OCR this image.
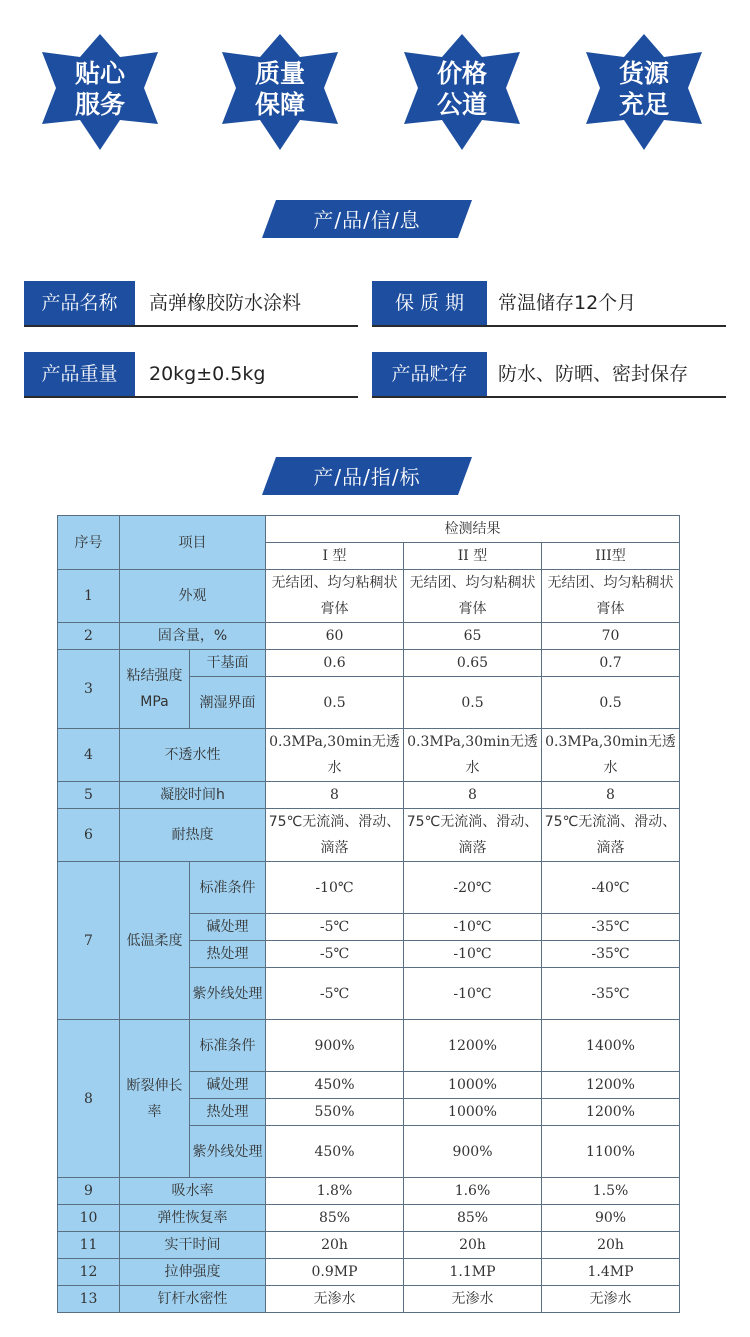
贴心
服务
质量
保障
价格
公道
货源
充足
产/品/信/息
产品名称	高弹橡胶防水涂料	保 质 期	常温储存12个月
产品重量	20kg±0.5kg	产品贮存	防水、防晒、密封保存
产/品/指/标
序号	项目		检测结果		
			I 型	II 型	III型
1	外观		无结团、均匀粘稠状膏体	无结团、均匀粘稠状膏体	无结团、均匀粘稠状膏体
2	固含量，%		60	65	70
3	粘结强度MPa	干基面	0.6	0.65	0.7
		潮湿界面	0.5	0.5	0.5
4	不透水性		0.3MPa,30min无透水	0.3MPa,30min无透水	0.3MPa,30min无透水
5	凝胶时间h		8	8	8
6	耐热度		75℃无流淌、滑动、滴落	75℃无流淌、滑动、滴落	75℃无流淌、滑动、滴落
7	低温柔度	标准条件	-10℃	-20℃	-40℃
		碱处理	-5℃	-10℃	-35℃
		热处理	-5℃	-10℃	-35℃
		紫外线处理	-5℃	-10℃	-35℃
8	断裂伸长率	标准条件	900%	1200%	1400%
		碱处理	450%	1000%	1200%
		热处理	550%	1000%	1200%
		紫外线处理	450%	900%	1100%
9	吸水率		1.8%	1.6%	1.5%
10	弹性恢复率		85%	85%	90%
11	实干时间		20h	20h	20h
12	拉伸强度		0.9MP	1.1MP	1.4MP
13	钉杆水密性		无渗水	无渗水	无渗水
